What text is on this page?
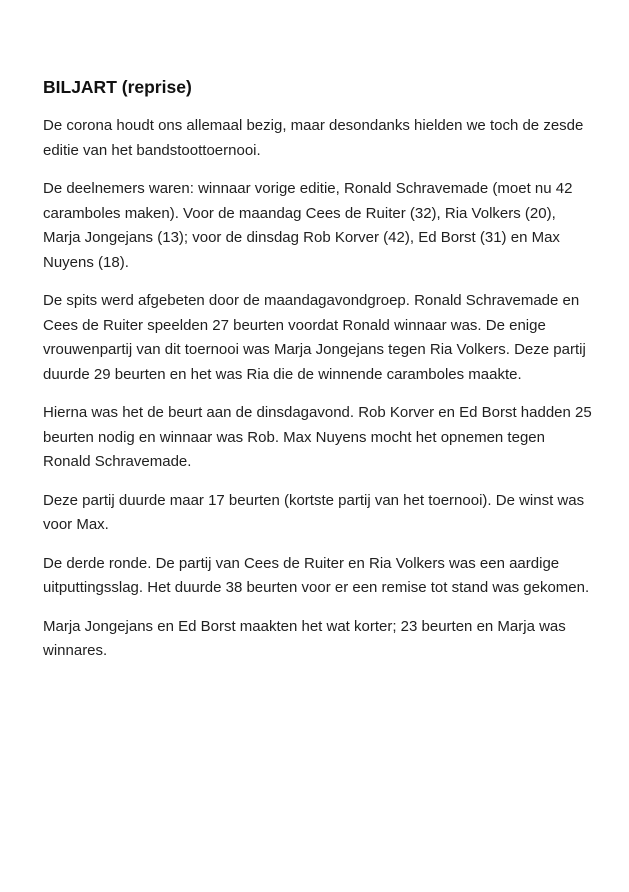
BILJART (reprise)

De corona houdt ons allemaal bezig, maar desondanks hielden we toch de zesde editie van het bandstoottoernooi.

De deelnemers waren: winnaar vorige editie, Ronald Schravemade (moet nu 42 caramboles maken). Voor de maandag Cees de Ruiter (32), Ria Volkers (20), Marja Jongejans (13); voor de dinsdag Rob Korver (42), Ed Borst (31) en Max Nuyens (18).

De spits werd afgebeten door de maandagavondgroep. Ronald Schravemade en Cees de Ruiter speelden 27 beurten voordat Ronald winnaar was. De enige vrouwenpartij van dit toernooi was Marja Jongejans tegen Ria Volkers. Deze partij duurde 29 beurten en het was Ria die de winnende caramboles maakte.

Hierna was het de beurt aan de dinsdagavond. Rob Korver en Ed Borst hadden 25 beurten nodig en winnaar was Rob. Max Nuyens mocht het opnemen tegen Ronald Schravemade.

Deze partij duurde maar 17 beurten (kortste partij van het toernooi). De winst was voor Max.

De derde ronde. De partij van Cees de Ruiter en Ria Volkers was een aardige uitputtingsslag. Het duurde 38 beurten voor er een remise tot stand was gekomen.

Marja Jongejans en Ed Borst maakten het wat korter; 23 beurten en Marja was winnares.
